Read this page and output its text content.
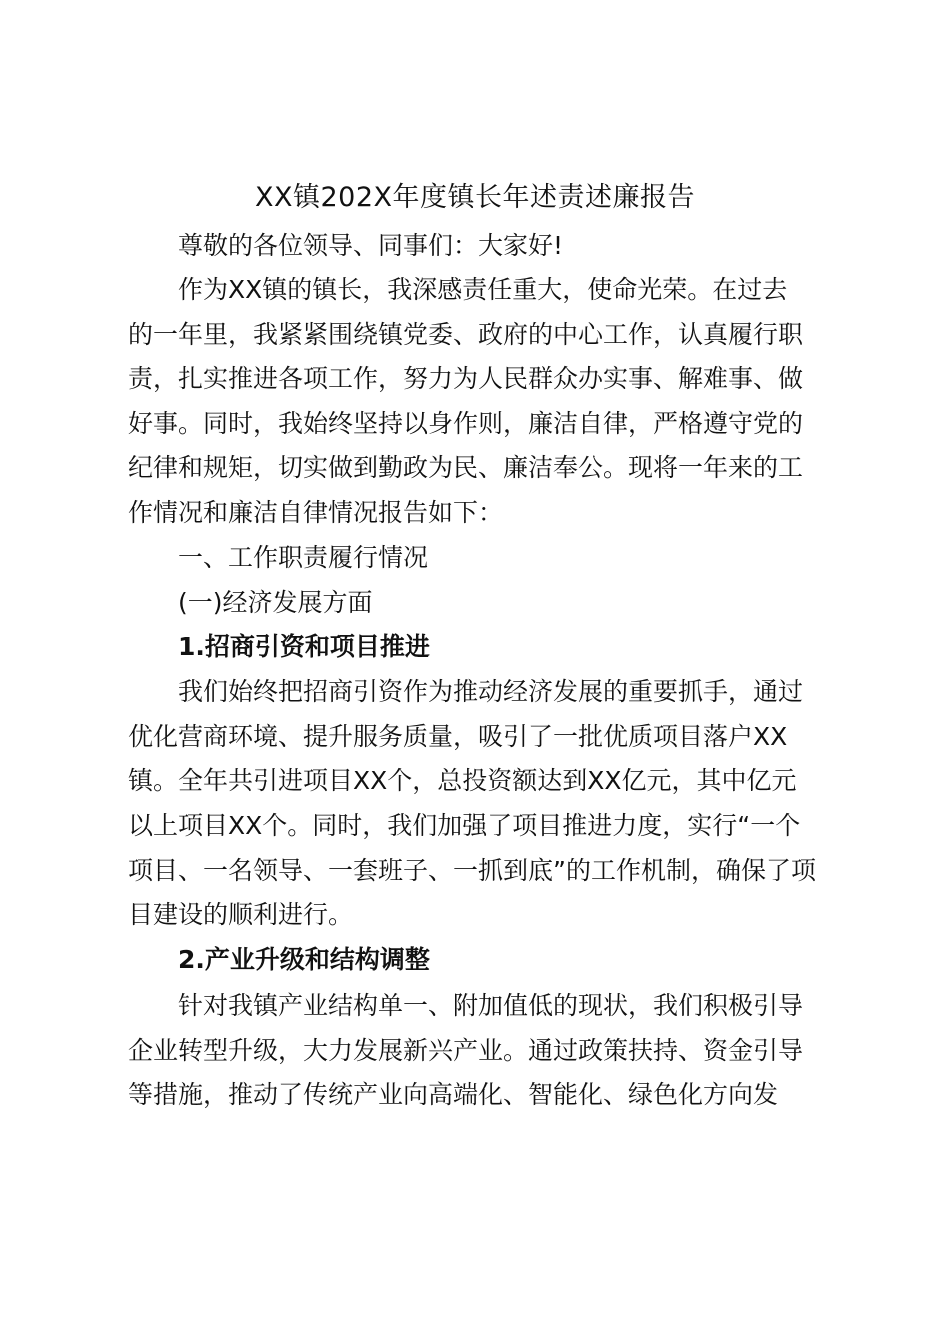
XX镇202X年度镇长年述责述廉报告
尊敬的各位领导、同事们：大家好!
作为XX镇的镇长，我深感责任重大，使命光荣。在过去
的一年里，我紧紧围绕镇党委、政府的中心工作，认真履行职
责，扎实推进各项工作，努力为人民群众办实事、解难事、做
好事。同时，我始终坚持以身作则，廉洁自律，严格遵守党的
纪律和规矩，切实做到勤政为民、廉洁奉公。现将一年来的工
作情况和廉洁自律情况报告如下：
一、工作职责履行情况
(一)经济发展方面
1.招商引资和项目推进
我们始终把招商引资作为推动经济发展的重要抓手，通过
优化营商环境、提升服务质量，吸引了一批优质项目落户XX
镇。全年共引进项目XX个，总投资额达到XX亿元，其中亿元
以上项目XX个。同时，我们加强了项目推进力度，实行“一个
项目、一名领导、一套班子、一抓到底”的工作机制，确保了项
目建设的顺利进行。
2.产业升级和结构调整
针对我镇产业结构单一、附加值低的现状，我们积极引导
企业转型升级，大力发展新兴产业。通过政策扶持、资金引导
等措施，推动了传统产业向高端化、智能化、绿色化方向发
